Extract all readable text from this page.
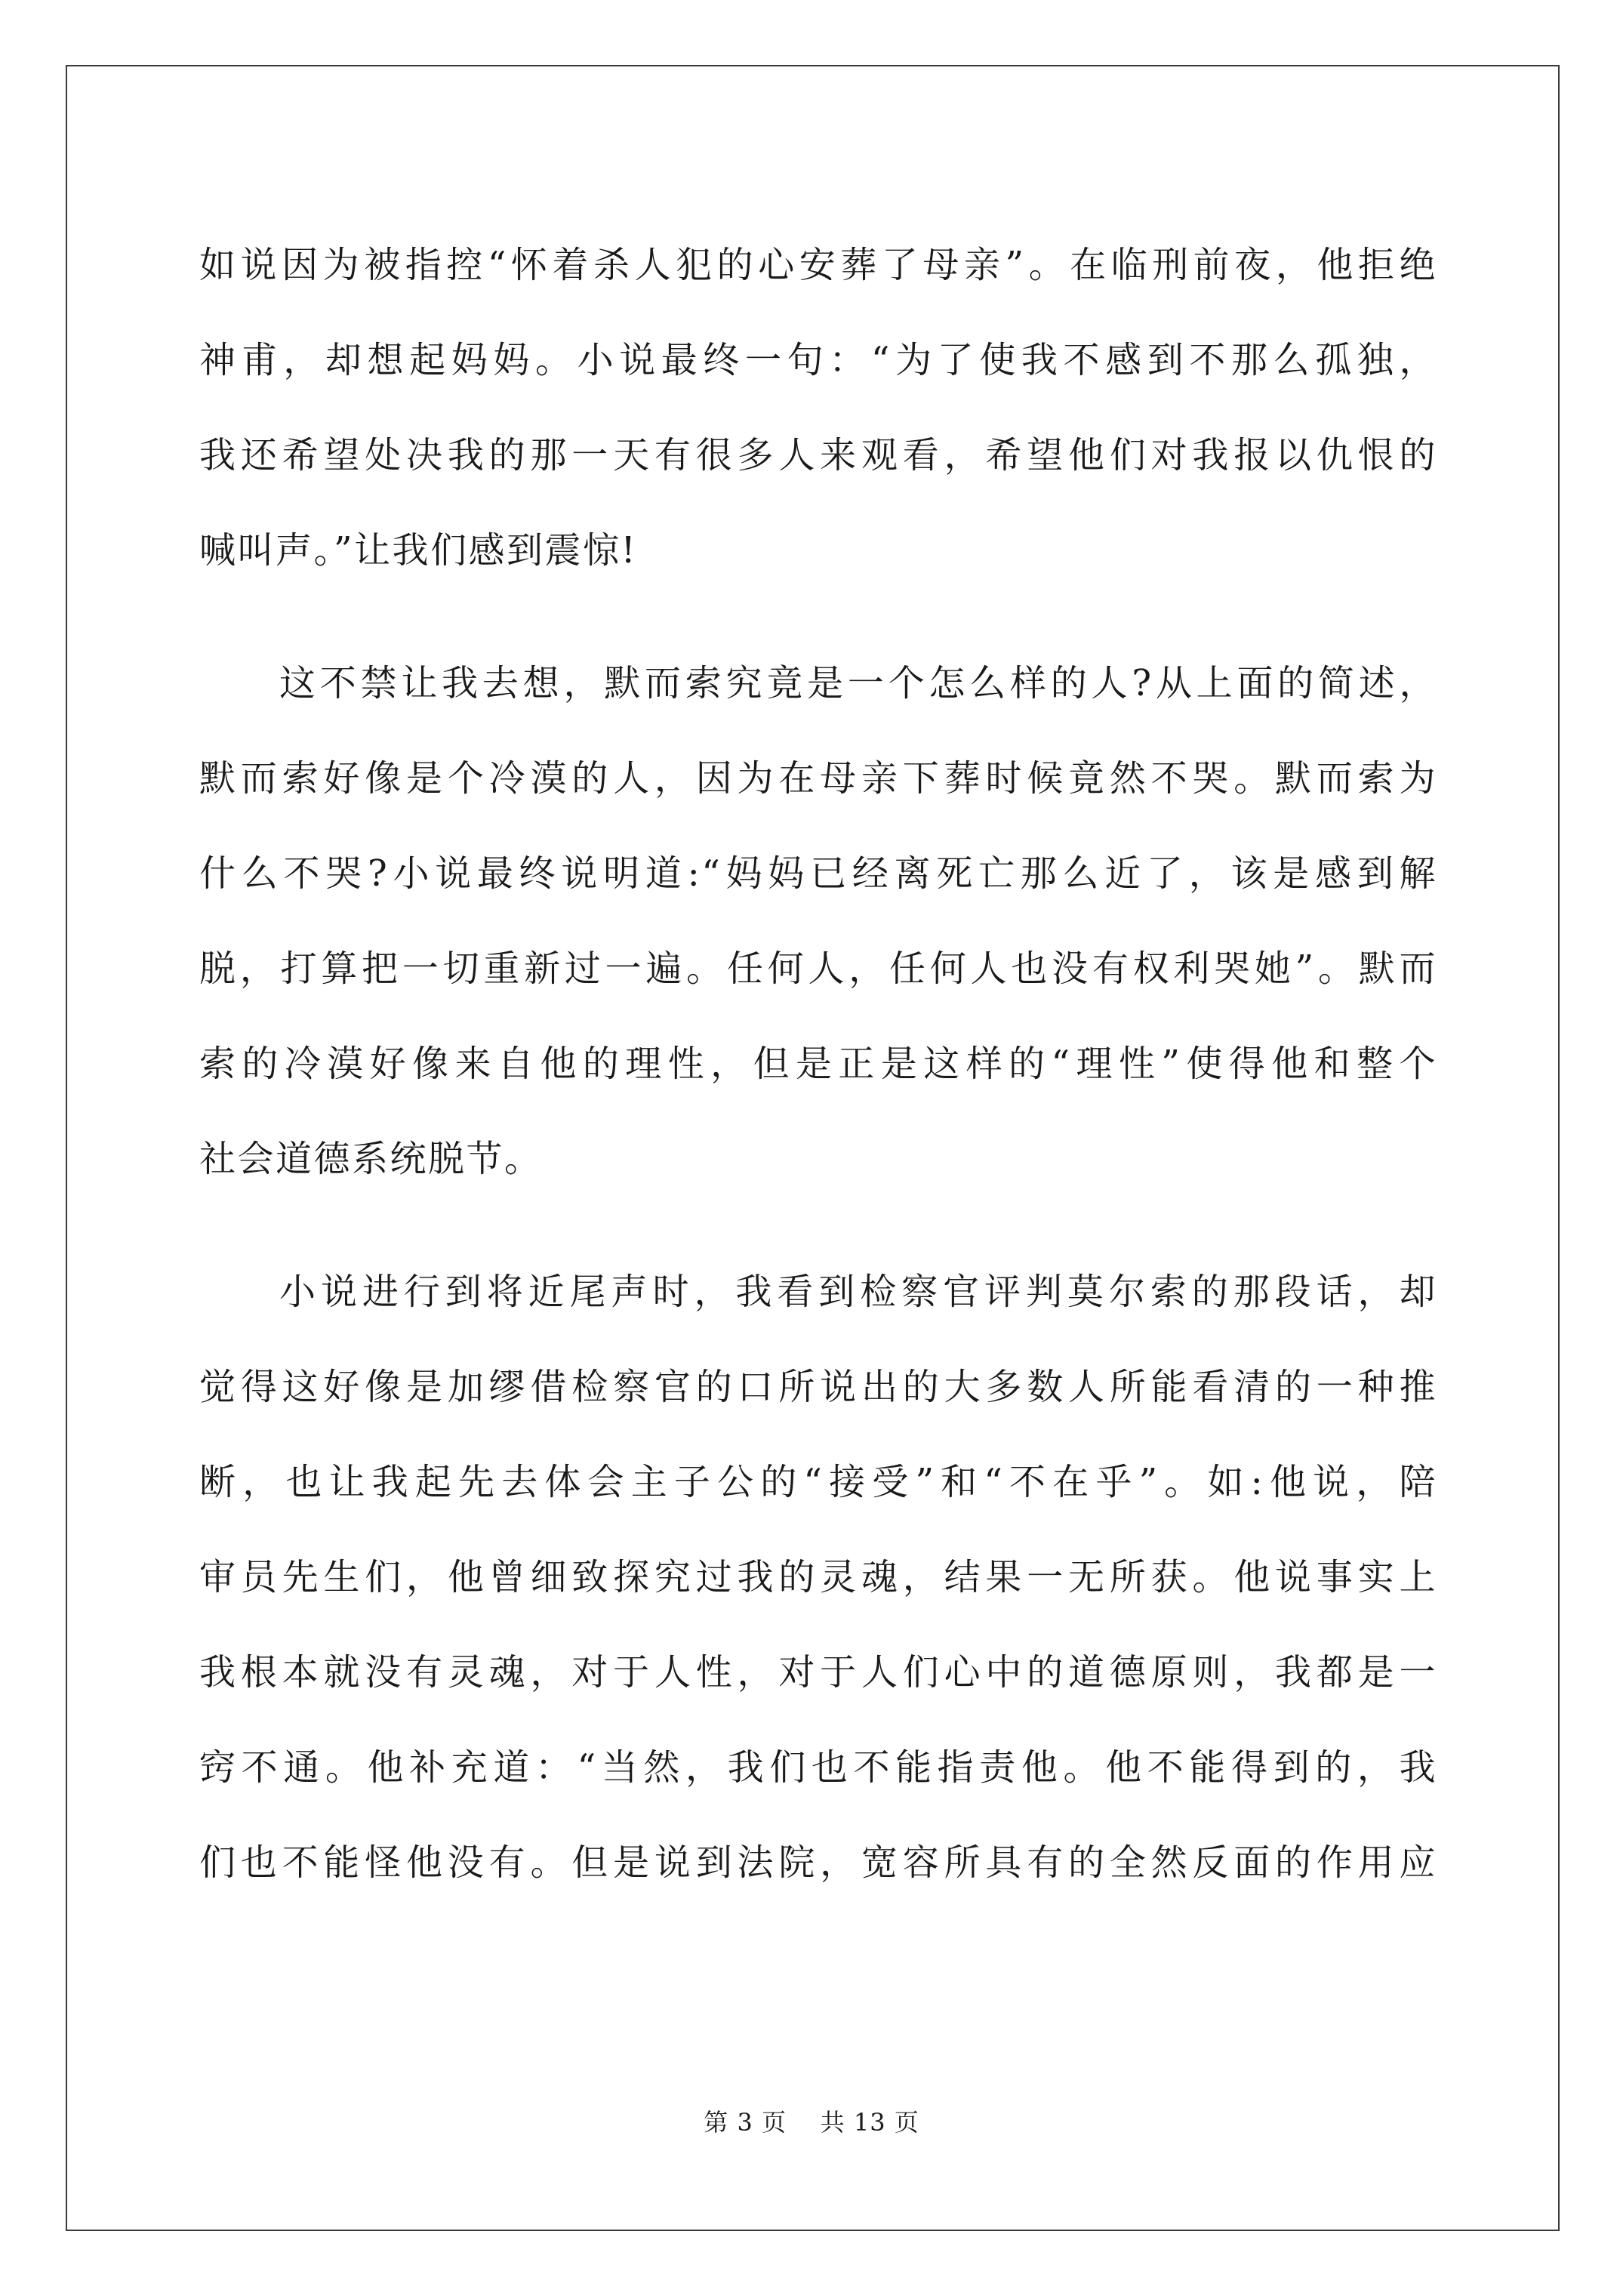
如说因为被指控“怀着杀人犯的心安葬了母亲”。在临刑前夜，他拒绝
神甫，却想起妈妈。小说最终一句：“为了使我不感到不那么孤独，
我还希望处决我的那一天有很多人来观看，希望他们对我报以仇恨的
喊叫声。”让我们感到震惊!
这不禁让我去想，默而索究竟是一个怎么样的人?从上面的简述，
默而索好像是个冷漠的人，因为在母亲下葬时候竟然不哭。默而索为
什么不哭?小说最终说明道:“妈妈已经离死亡那么近了，该是感到解
脱，打算把一切重新过一遍。任何人，任何人也没有权利哭她”。默而
索的冷漠好像来自他的理性，但是正是这样的“理性”使得他和整个
社会道德系统脱节。
小说进行到将近尾声时，我看到检察官评判莫尔索的那段话，却
觉得这好像是加缪借检察官的口所说出的大多数人所能看清的一种推
断，也让我起先去体会主子公的“接受”和“不在乎”。如:他说，陪
审员先生们，他曾细致探究过我的灵魂，结果一无所获。他说事实上
我根本就没有灵魂，对于人性，对于人们心中的道德原则，我都是一
窍不通。他补充道：“当然，我们也不能指责他。他不能得到的，我
们也不能怪他没有。但是说到法院，宽容所具有的全然反面的作用应
第 3 页    共 13 页
